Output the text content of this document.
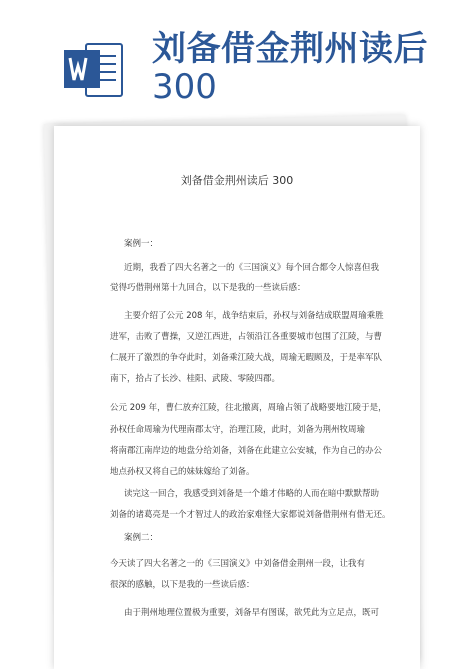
刘备借金荆州读后
300
刘备借金荆州读后 300
案例一：
近期，我看了四大名著之一的《三国演义》每个回合都令人惊喜但我
觉得巧借荆州第十九回合，以下是我的一些读后感：
主要介绍了公元 208 年，战争结束后，孙权与刘备结成联盟周瑜乘胜
进军，击败了曹操，又逆江西进，占领沿江各重要城市包围了江陵，与曹
仁展开了激烈的争夺此时，刘备乘江陵大战，周瑜无暇顾及，于是率军队
南下，拾占了长沙、桂阳、武陵、零陵四郡。
公元 209 年，曹仁放弃江陵，往北撤离，周瑜占领了战略要地江陵于是，
孙权任命周瑜为代理南郡太守，治理江陵，此时，刘备为荆州牧周瑜
将南郡江南岸边的地盘分给刘备，刘备在此建立公安城，作为自己的办公
地点孙权又将自己的妹妹嫁给了刘备。
读完这一回合，我感受到刘备是一个雄才伟略的人而在暗中默默帮助
刘备的诸葛亮是一个才智过人的政治家难怪大家都说刘备借荆州有借无还。
案例二：
今天读了四大名著之一的《三国演义》中刘备借金荆州一段，让我有
很深的感触，以下是我的一些读后感：
由于荆州地理位置极为重要，刘备早有图谋，欲凭此为立足点，既可
